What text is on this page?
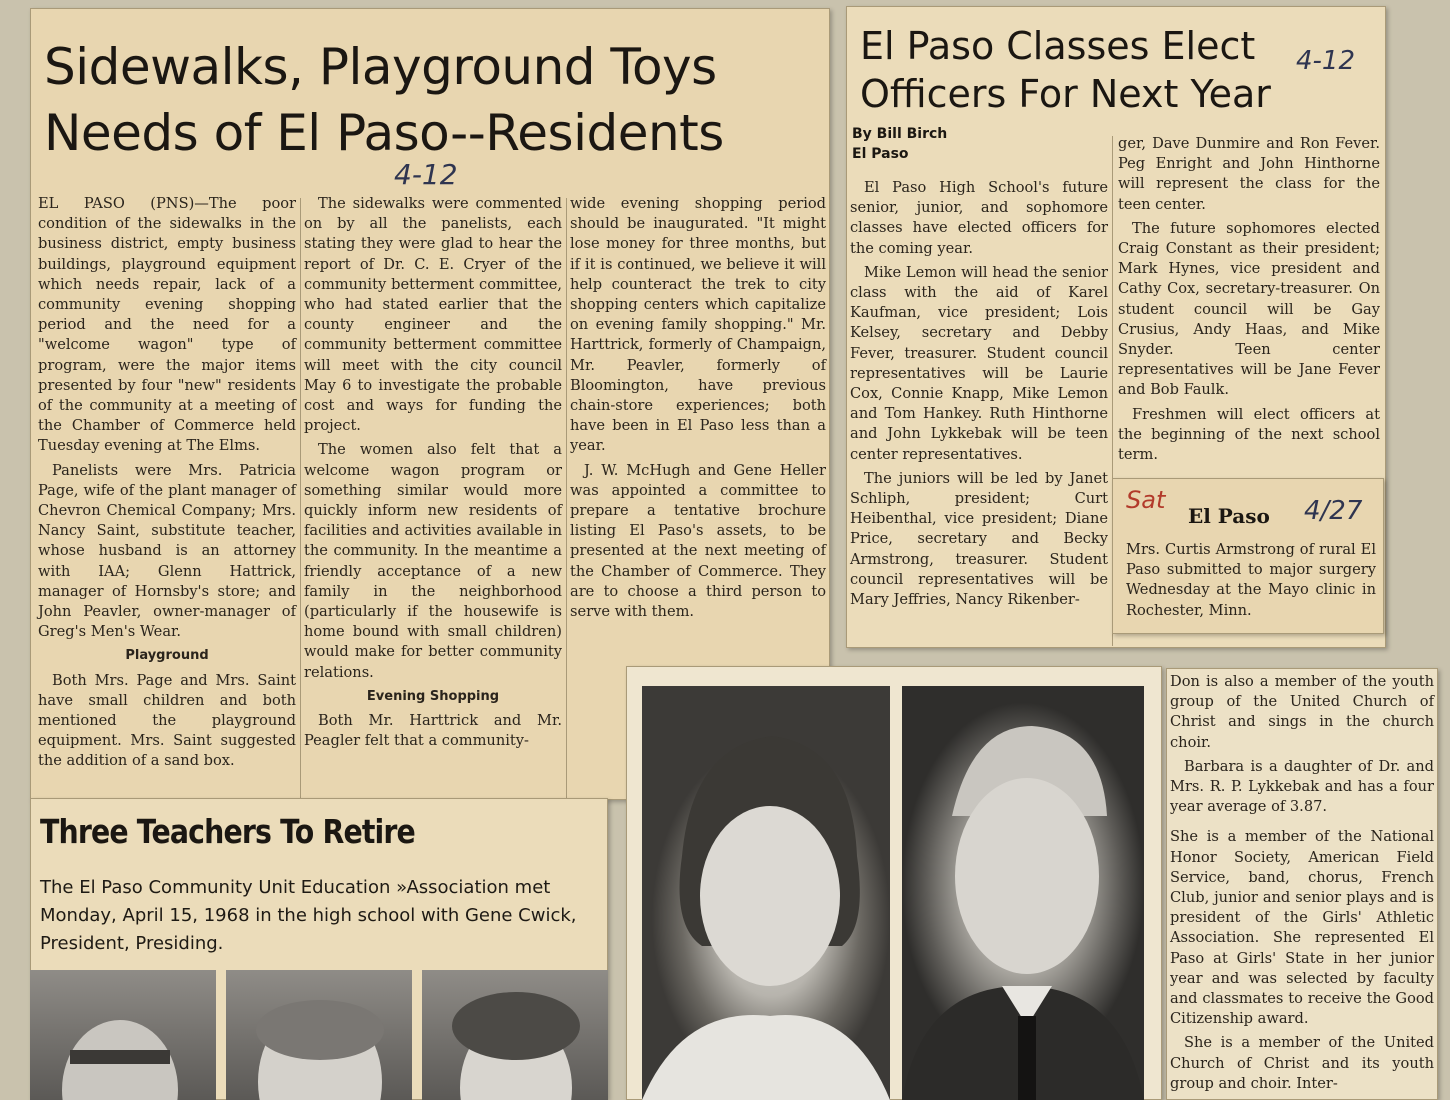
Sidewalks, Playground Toys
Needs of El Paso--Residents
4-12

EL PASO (PNS)—The poor condition of the sidewalks in the business district, empty business buildings, playground equipment which needs repair, lack of a community evening shopping period and the need for a "welcome wagon" type of program, were the major items presented by four "new" residents of the community at a meeting of the Chamber of Commerce held Tuesday evening at The Elms.

Panelists were Mrs. Patricia Page, wife of the plant manager of Chevron Chemical Company; Mrs. Nancy Saint, substitute teacher, whose husband is an attorney with IAA; Glenn Hattrick, manager of Hornsby's store; and John Peavler, owner-manager of Greg's Men's Wear.

Playground

Both Mrs. Page and Mrs. Saint have small children and both mentioned the playground equipment. Mrs. Saint suggested the addition of a sand box.

The sidewalks were commented on by all the panelists, each stating they were glad to hear the report of Dr. C. E. Cryer of the community betterment committee, who had stated earlier that the county engineer and the community betterment committee will meet with the city council May 6 to investigate the probable cost and ways for funding the project.

The women also felt that a welcome wagon program or something similar would more quickly inform new residents of facilities and activities available in the community. In the meantime a friendly acceptance of a new family in the neighborhood (particularly if the housewife is home bound with small children) would make for better community relations.

Evening Shopping

Both Mr. Harttrick and Mr. Peagler felt that a community-

wide evening shopping period should be inaugurated. "It might lose money for three months, but if it is continued, we believe it will help counteract the trek to city shopping centers which capitalize on evening family shopping." Mr. Harttrick, formerly of Champaign, Mr. Peavler, formerly of Bloomington, have previous chain-store experiences; both have been in El Paso less than a year.

J. W. McHugh and Gene Heller was appointed a committee to prepare a tentative brochure listing El Paso's assets, to be presented at the next meeting of the Chamber of Commerce. They are to choose a third person to serve with them.

El Paso Classes Elect
Officers For Next Year
4-12
By Bill Birch
El Paso

El Paso High School's future senior, junior, and sophomore classes have elected officers for the coming year.

Mike Lemon will head the senior class with the aid of Karel Kaufman, vice president; Lois Kelsey, secretary and Debby Fever, treasurer. Student council representatives will be Laurie Cox, Connie Knapp, Mike Lemon and Tom Hankey. Ruth Hinthorne and John Lykkebak will be teen center representatives.

The juniors will be led by Janet Schliph, president; Curt Heibenthal, vice president; Diane Price, secretary and Becky Armstrong, treasurer. Student council representatives will be Mary Jeffries, Nancy Rikenber-

ger, Dave Dunmire and Ron Fever. Peg Enright and John Hinthorne will represent the class for the teen center.

The future sophomores elected Craig Constant as their president; Mark Hynes, vice president and Cathy Cox, secretary-treasurer. On student council will be Gay Crusius, Andy Haas, and Mike Snyder. Teen center representatives will be Jane Fever and Bob Faulk.

Freshmen will elect officers at the beginning of the next school term.

Sat
El Paso 4/27
Mrs. Curtis Armstrong of rural El Paso submitted to major surgery Wednesday at the Mayo clinic in Rochester, Minn.
Three Teachers To Retire
The El Paso Community Unit Education »Association met Monday, April 15, 1968 in the high school with Gene Cwick, President, Presiding.

Don is also a member of the youth group of the United Church of Christ and sings in the church choir.

Barbara is a daughter of Dr. and Mrs. R. P. Lykkebak and has a four year average of 3.87.

She is a member of the National Honor Society, American Field Service, band, chorus, French Club, junior and senior plays and is president of the Girls' Athletic Association. She represented El Paso at Girls' State in her junior year and was selected by faculty and classmates to receive the Good Citizenship award.

She is a member of the United Church of Christ and its youth group and choir. Inter-
